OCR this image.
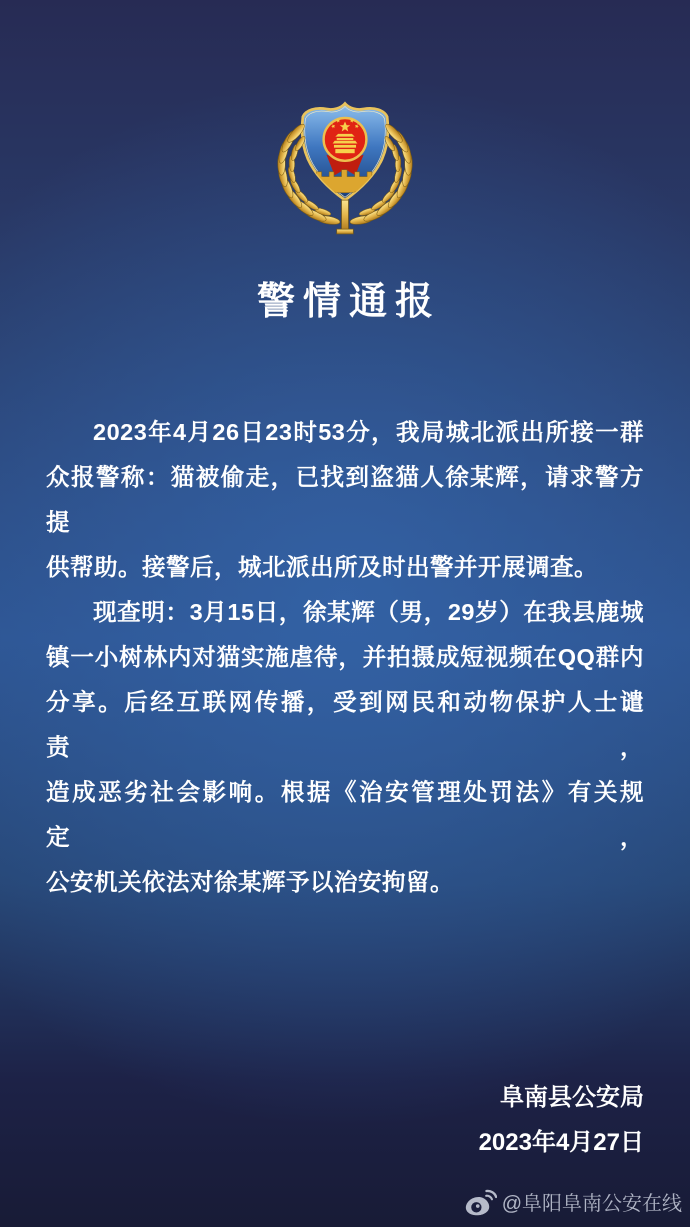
警情通报

2023年4月26日23时53分，我局城北派出所接一群
众报警称：猫被偷走，已找到盗猫人徐某辉，请求警方提
供帮助。接警后，城北派出所及时出警并开展调查。

现查明：3月15日，徐某辉（男，29岁）在我县鹿城
镇一小树林内对猫实施虐待，并拍摄成短视频在QQ群内
分享。后经互联网传播，受到网民和动物保护人士谴责，
造成恶劣社会影响。根据《治安管理处罚法》有关规定，
公安机关依法对徐某辉予以治安拘留。

阜南县公安局
2023年4月27日
@阜阳阜南公安在线
